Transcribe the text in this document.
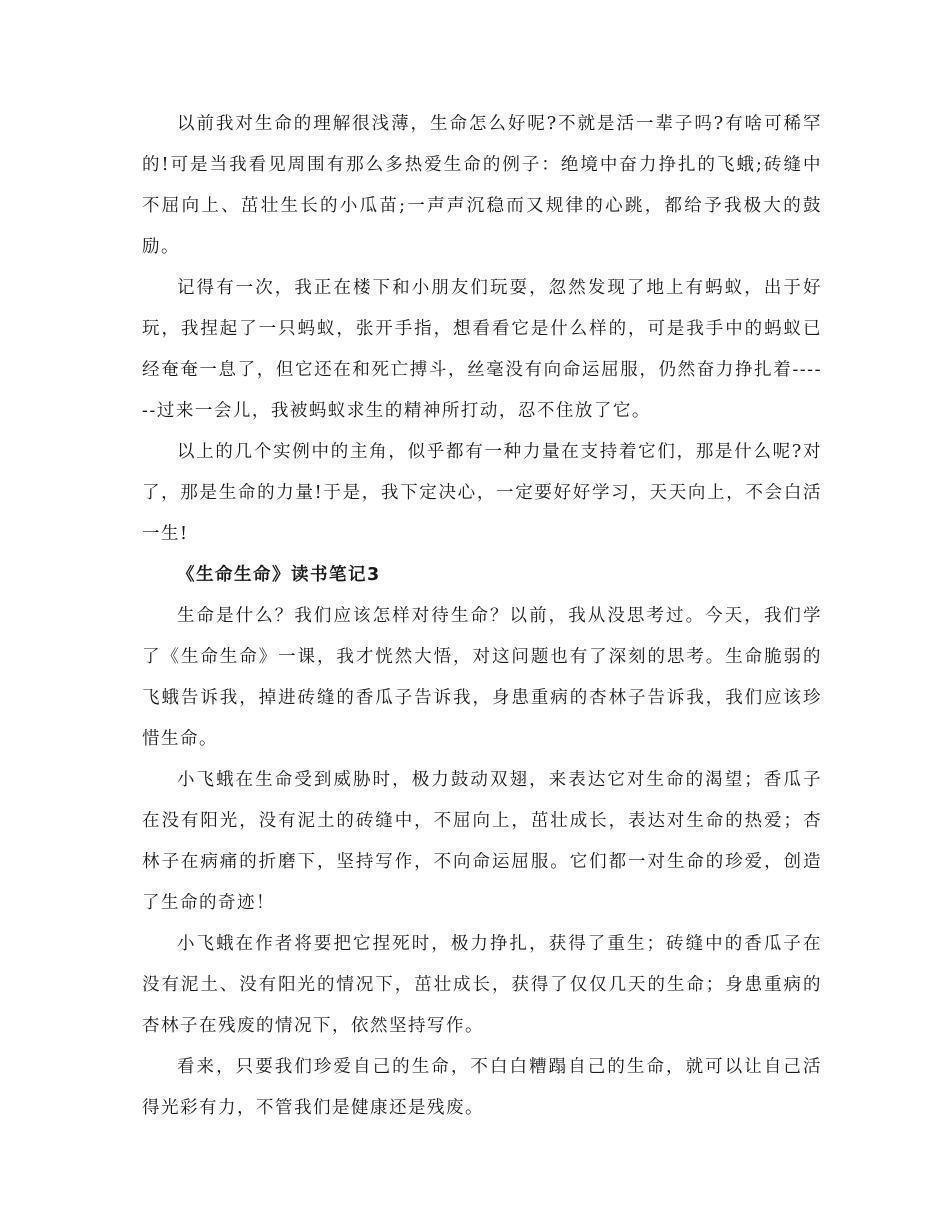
以前我对生命的理解很浅薄，生命怎么好呢?不就是活一辈子吗?有啥可稀罕的!可是当我看见周围有那么多热爱生命的例子：绝境中奋力挣扎的飞蛾;砖缝中不屈向上、茁壮生长的小瓜苗;一声声沉稳而又规律的心跳，都给予我极大的鼓励。

记得有一次，我正在楼下和小朋友们玩耍，忽然发现了地上有蚂蚁，出于好玩，我捏起了一只蚂蚁，张开手指，想看看它是什么样的，可是我手中的蚂蚁已经奄奄一息了，但它还在和死亡搏斗，丝毫没有向命运屈服，仍然奋力挣扎着------过来一会儿，我被蚂蚁求生的精神所打动，忍不住放了它。

以上的几个实例中的主角，似乎都有一种力量在支持着它们，那是什么呢?对了，那是生命的力量!于是，我下定决心，一定要好好学习，天天向上，不会白活一生!

《生命生命》读书笔记3

生命是什么？我们应该怎样对待生命？以前，我从没思考过。今天，我们学了《生命生命》一课，我才恍然大悟，对这问题也有了深刻的思考。生命脆弱的飞蛾告诉我，掉进砖缝的香瓜子告诉我，身患重病的杏林子告诉我，我们应该珍惜生命。

小飞蛾在生命受到威胁时，极力鼓动双翅，来表达它对生命的渴望；香瓜子在没有阳光，没有泥土的砖缝中，不屈向上，茁壮成长，表达对生命的热爱；杏林子在病痛的折磨下，坚持写作，不向命运屈服。它们都一对生命的珍爱，创造了生命的奇迹！

小飞蛾在作者将要把它捏死时，极力挣扎，获得了重生；砖缝中的香瓜子在没有泥土、没有阳光的情况下，茁壮成长，获得了仅仅几天的生命；身患重病的杏林子在残废的情况下，依然坚持写作。

看来，只要我们珍爱自己的生命，不白白糟蹋自己的生命，就可以让自己活得光彩有力，不管我们是健康还是残废。
